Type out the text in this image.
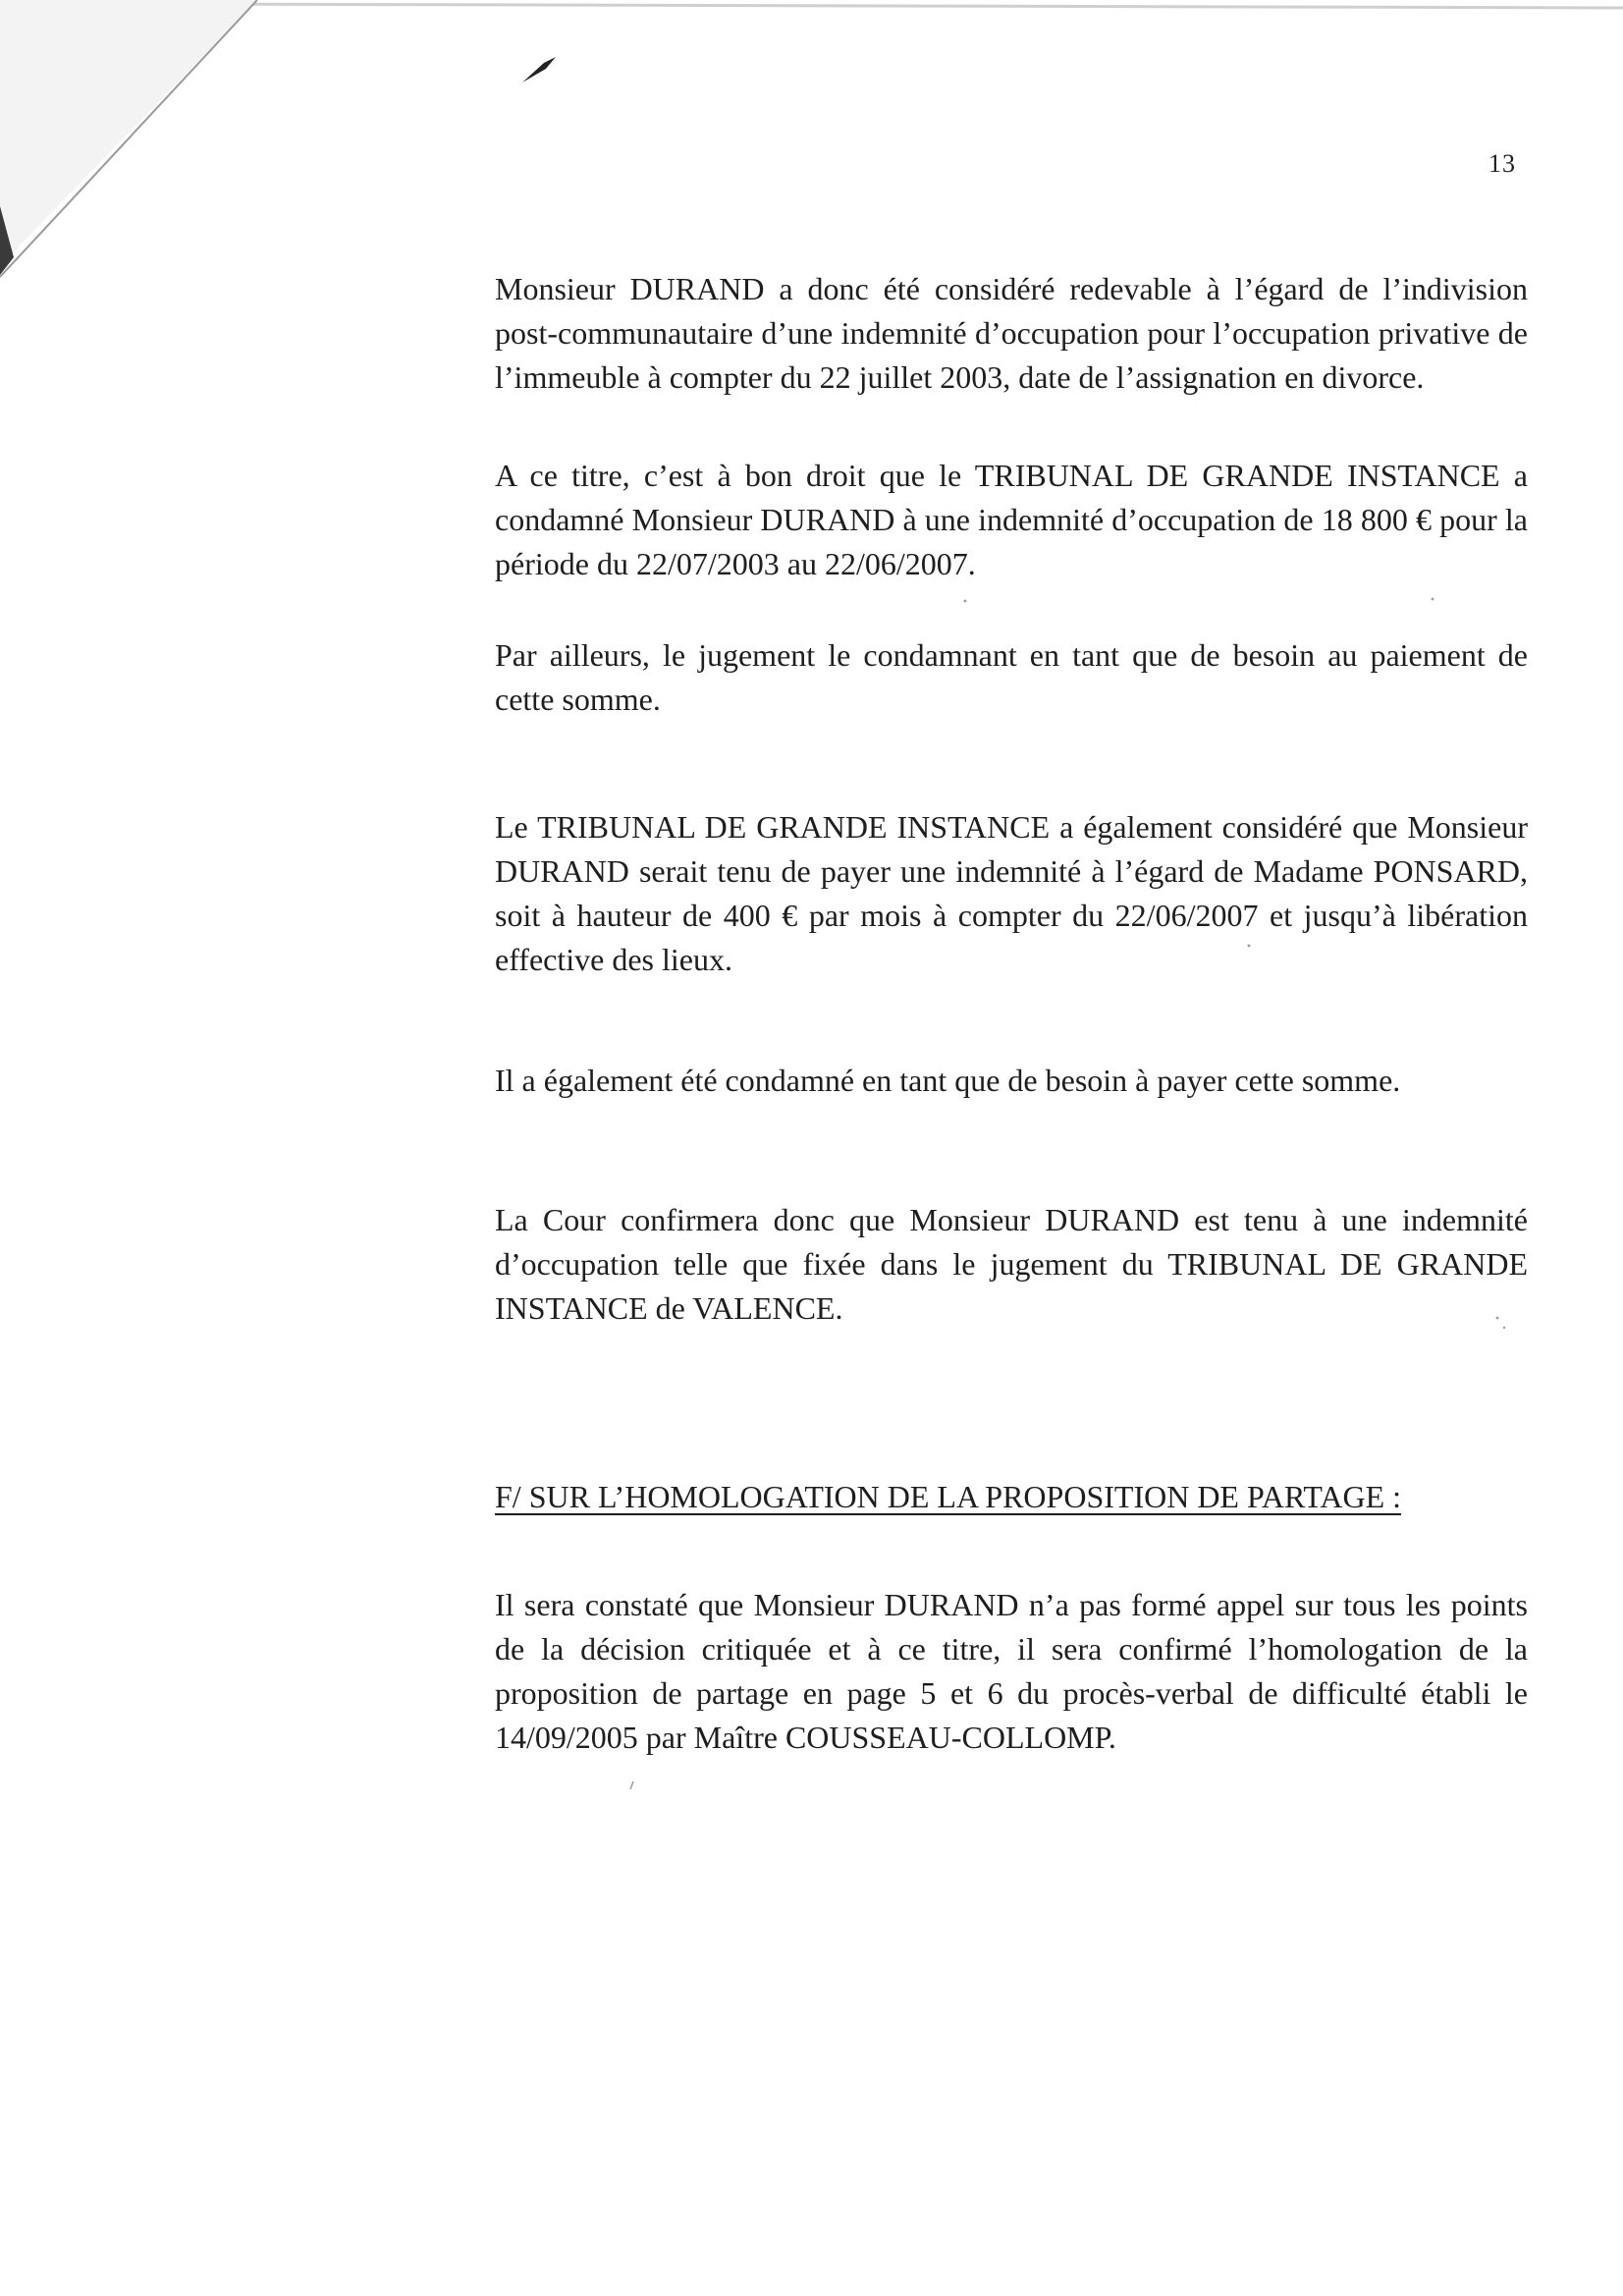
13

Monsieur DURAND a donc été considéré redevable à l’égard de l’indivision post-communautaire d’une indemnité d’occupation pour l’occupation privative de l’immeuble à compter du 22 juillet 2003, date de l’assignation en divorce.

A ce titre, c’est à bon droit que le TRIBUNAL DE GRANDE INSTANCE a condamné Monsieur DURAND à une indemnité d’occupation de 18 800 € pour la période du 22/07/2003 au 22/06/2007.

Par ailleurs, le jugement le condamnant en tant que de besoin au paiement de cette somme.

Le TRIBUNAL DE GRANDE INSTANCE a également considéré que Monsieur DURAND serait tenu de payer une indemnité à l’égard de Madame PONSARD, soit à hauteur de 400 € par mois à compter du 22/06/2007 et jusqu’à libération effective des lieux.

Il a également été condamné en tant que de besoin à payer cette somme.

La Cour confirmera donc que Monsieur DURAND est tenu à une indemnité d’occupation telle que fixée dans le jugement du TRIBUNAL DE GRANDE INSTANCE de VALENCE.

F/ SUR L’HOMOLOGATION DE LA PROPOSITION DE PARTAGE :

Il sera constaté que Monsieur DURAND n’a pas formé appel sur tous les points de la décision critiquée et à ce titre, il sera confirmé l’homologation de la proposition de partage en page 5 et 6 du procès-verbal de difficulté établi le 14/09/2005 par Maître COUSSEAU-COLLOMP.
